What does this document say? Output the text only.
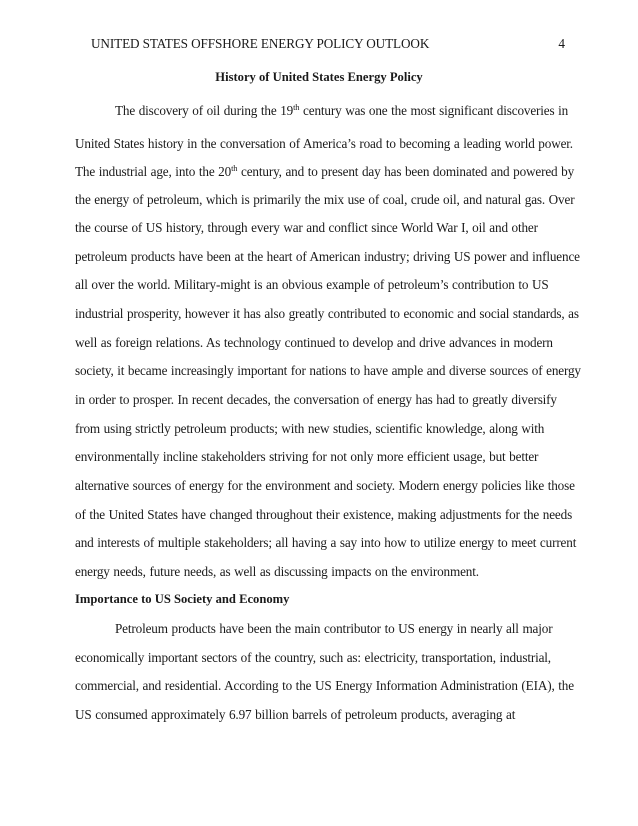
UNITED STATES OFFSHORE ENERGY POLICY OUTLOOK	4
History of United States Energy Policy
The discovery of oil during the 19th century was one the most significant discoveries in
United States history in the conversation of America’s road to becoming a leading world power.
The industrial age, into the 20th century, and to present day has been dominated and powered by
the energy of petroleum, which is primarily the mix use of coal, crude oil, and natural gas. Over
the course of US history, through every war and conflict since World War I, oil and other
petroleum products have been at the heart of American industry; driving US power and influence
all over the world. Military-might is an obvious example of petroleum’s contribution to US
industrial prosperity, however it has also greatly contributed to economic and social standards, as
well as foreign relations. As technology continued to develop and drive advances in modern
society, it became increasingly important for nations to have ample and diverse sources of energy
in order to prosper. In recent decades, the conversation of energy has had to greatly diversify
from using strictly petroleum products; with new studies, scientific knowledge, along with
environmentally incline stakeholders striving for not only more efficient usage, but better
alternative sources of energy for the environment and society. Modern energy policies like those
of the United States have changed throughout their existence, making adjustments for the needs
and interests of multiple stakeholders; all having a say into how to utilize energy to meet current
energy needs, future needs, as well as discussing impacts on the environment.
Importance to US Society and Economy
Petroleum products have been the main contributor to US energy in nearly all major
economically important sectors of the country, such as: electricity, transportation, industrial,
commercial, and residential. According to the US Energy Information Administration (EIA), the
US consumed approximately 6.97 billion barrels of petroleum products, averaging at
